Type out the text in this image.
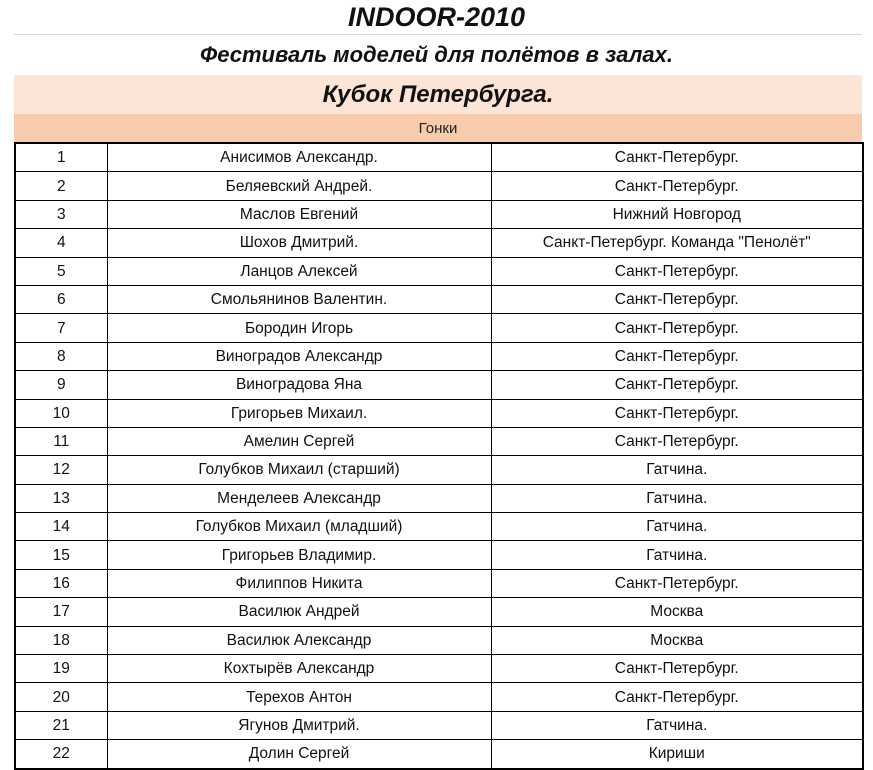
INDOOR-2010
Фестиваль моделей для полётов в залах.
Кубок Петербурга.
Гонки
1	Анисимов Александр.	Санкт-Петербург.
2	Беляевский Андрей.	Санкт-Петербург.
3	Маслов Евгений	Нижний Новгород
4	Шохов Дмитрий.	Санкт-Петербург. Команда "Пенолёт"
5	Ланцов Алексей	Санкт-Петербург.
6	Смольянинов Валентин.	Санкт-Петербург.
7	Бородин Игорь	Санкт-Петербург.
8	Виноградов Александр	Санкт-Петербург.
9	Виноградова Яна	Санкт-Петербург.
10	Григорьев Михаил.	Санкт-Петербург.
11	Амелин Сергей	Санкт-Петербург.
12	Голубков Михаил (старший)	Гатчина.
13	Менделеев Александр	Гатчина.
14	Голубков Михаил (младший)	Гатчина.
15	Григорьев Владимир.	Гатчина.
16	Филиппов Никита	Санкт-Петербург.
17	Василюк Андрей	Москва
18	Василюк Александр	Москва
19	Кохтырёв Александр	Санкт-Петербург.
20	Терехов Антон	Санкт-Петербург.
21	Ягунов Дмитрий.	Гатчина.
22	Долин Сергей	Кириши
